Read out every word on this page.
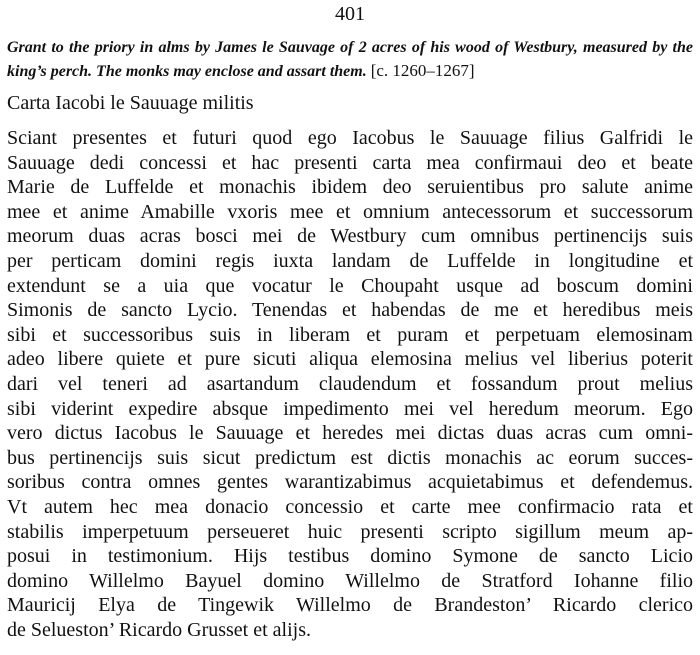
401
Grant to the priory in alms by James le Sauvage of 2 acres of his wood of Westbury, measured by the king’s perch. The monks may enclose and assart them. [c. 1260–1267]
Carta Iacobi le Sauuage militis
Sciant presentes et futuri quod ego Iacobus le Sauuage filius Galfridi le
Sauuage dedi concessi et hac presenti carta mea confirmaui deo et beate
Marie de Luffelde et monachis ibidem deo seruientibus pro salute anime
mee et anime Amabille vxoris mee et omnium antecessorum et successorum
meorum duas acras bosci mei de Westbury cum omnibus pertinencijs suis
per perticam domini regis iuxta landam de Luffelde in longitudine et
extendunt se a uia que vocatur le Choupaht usque ad boscum domini
Simonis de sancto Lycio. Tenendas et habendas de me et heredibus meis
sibi et successoribus suis in liberam et puram et perpetuam elemosinam
adeo libere quiete et pure sicuti aliqua elemosina melius vel liberius poterit
dari vel teneri ad asartandum claudendum et fossandum prout melius
sibi viderint expedire absque impedimento mei vel heredum meorum. Ego
vero dictus Iacobus le Sauuage et heredes mei dictas duas acras cum omni-
bus pertinencijs suis sicut predictum est dictis monachis ac eorum succes-
soribus contra omnes gentes warantizabimus acquietabimus et defendemus.
Vt autem hec mea donacio concessio et carte mee confirmacio rata et
stabilis imperpetuum perseueret huic presenti scripto sigillum meum ap-
posui in testimonium. Hijs testibus domino Symone de sancto Licio
domino Willelmo Bayuel domino Willelmo de Stratford Iohanne filio
Mauricij Elya de Tingewik Willelmo de Brandeston’ Ricardo clerico
de Selueston’ Ricardo Grusset et alijs.
